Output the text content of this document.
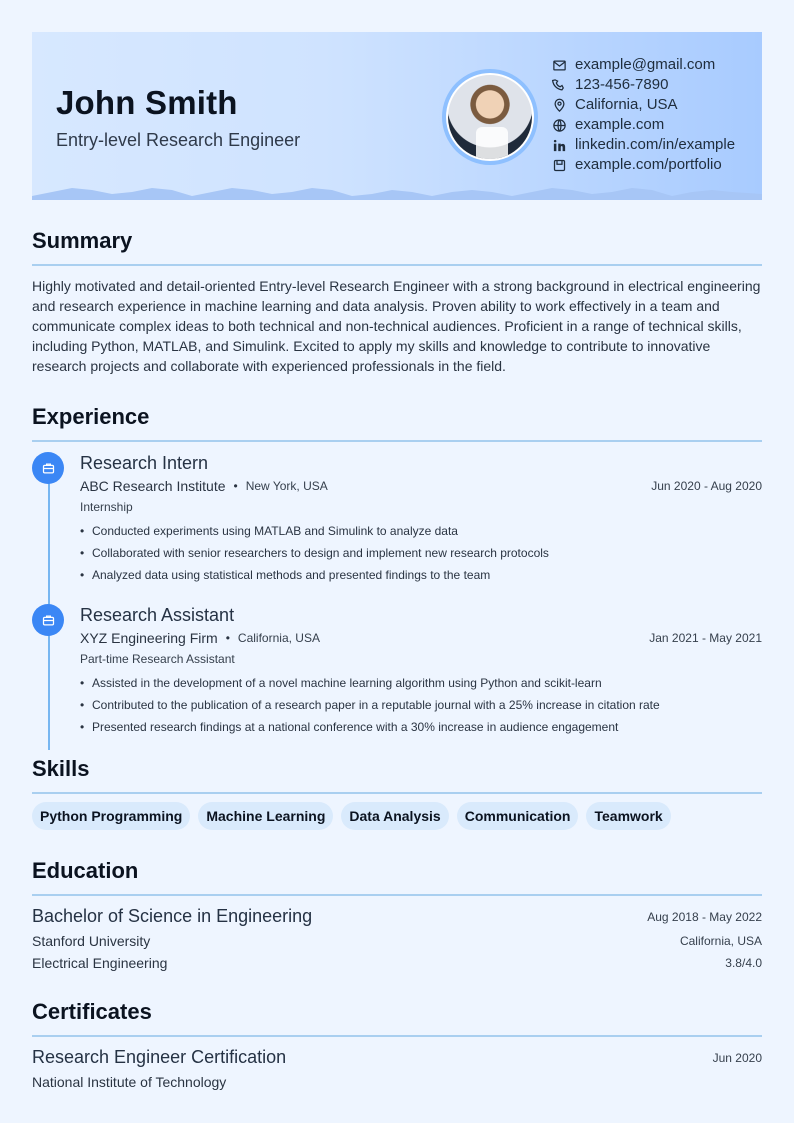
John Smith
Entry-level Research Engineer
example@gmail.com
123-456-7890
California, USA
example.com
linkedin.com/in/example
example.com/portfolio
Summary
Highly motivated and detail-oriented Entry-level Research Engineer with a strong background in electrical engineering and research experience in machine learning and data analysis. Proven ability to work effectively in a team and communicate complex ideas to both technical and non-technical audiences. Proficient in a range of technical skills, including Python, MATLAB, and Simulink. Excited to apply my skills and knowledge to contribute to innovative research projects and collaborate with experienced professionals in the field.
Experience
Research Intern
ABC Research Institute • New York, USA	Jun 2020 - Aug 2020
Internship
• Conducted experiments using MATLAB and Simulink to analyze data
• Collaborated with senior researchers to design and implement new research protocols
• Analyzed data using statistical methods and presented findings to the team
Research Assistant
XYZ Engineering Firm • California, USA	Jan 2021 - May 2021
Part-time Research Assistant
• Assisted in the development of a novel machine learning algorithm using Python and scikit-learn
• Contributed to the publication of a research paper in a reputable journal with a 25% increase in citation rate
• Presented research findings at a national conference with a 30% increase in audience engagement
Skills
Python Programming	Machine Learning	Data Analysis	Communication	Teamwork
Education
Bachelor of Science in Engineering	Aug 2018 - May 2022
Stanford University	California, USA
Electrical Engineering	3.8/4.0
Certificates
Research Engineer Certification	Jun 2020
National Institute of Technology
